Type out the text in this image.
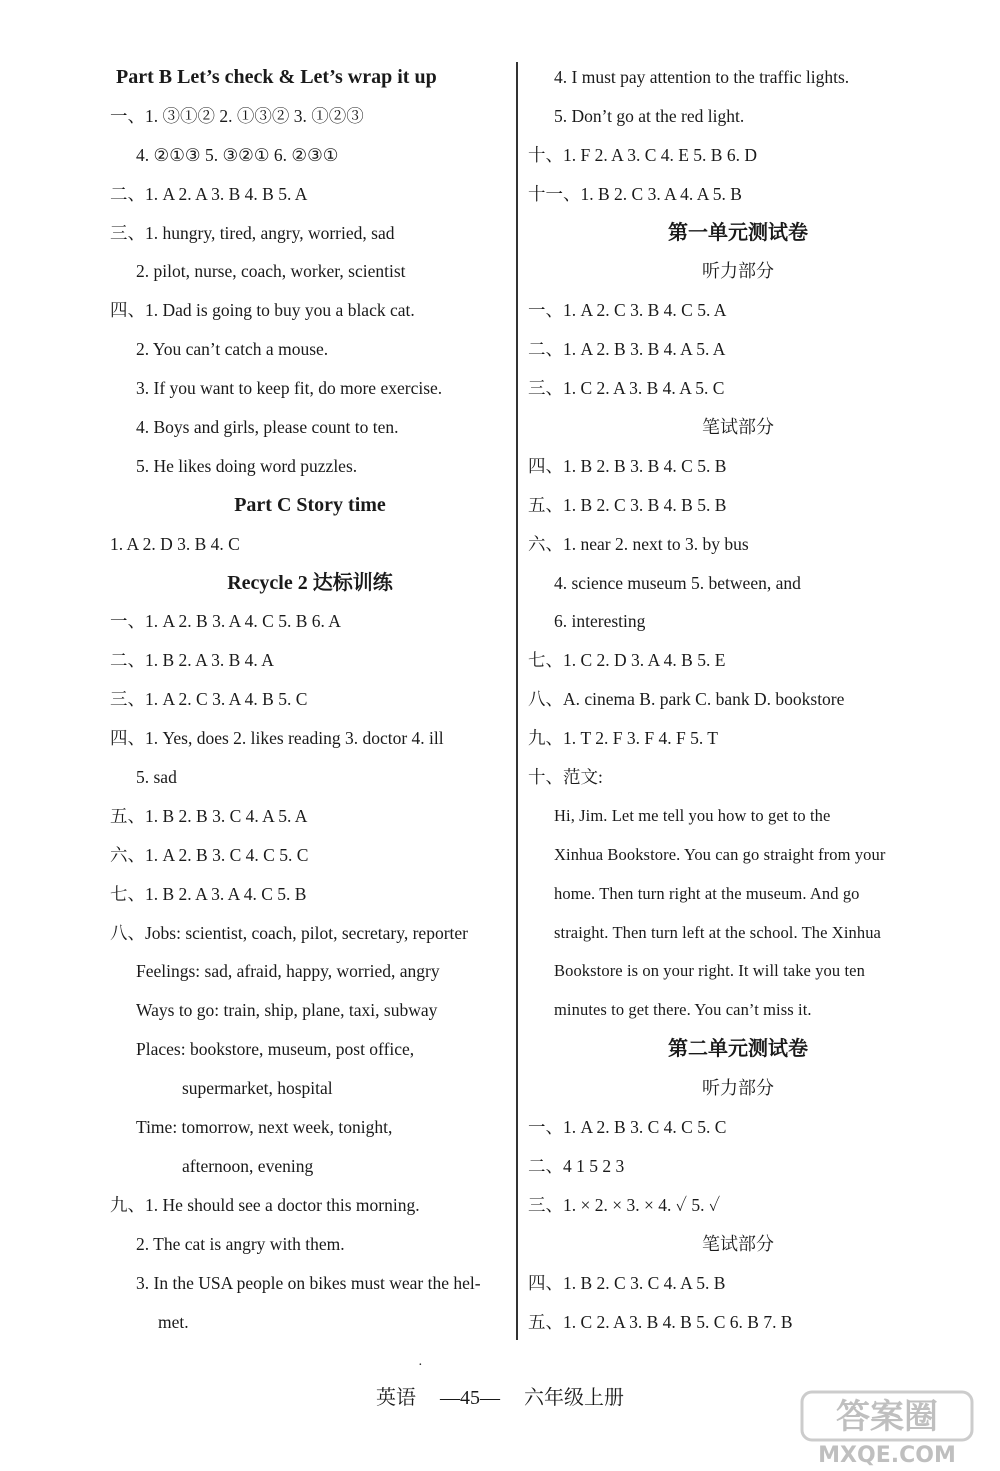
Part B Let’s check & Let’s wrap it up
一、1. ③①② 2. ①③② 3. ①②③
4. ②①③ 5. ③②① 6. ②③①
二、1. A 2. A 3. B 4. B 5. A
三、1. hungry, tired, angry, worried, sad
2. pilot, nurse, coach, worker, scientist
四、1. Dad is going to buy you a black cat.
2. You can’t catch a mouse.
3. If you want to keep fit, do more exercise.
4. Boys and girls, please count to ten.
5. He likes doing word puzzles.
Part C Story time
1. A 2. D 3. B 4. C
Recycle 2 达标训练
一、1. A 2. B 3. A 4. C 5. B 6. A
二、1. B 2. A 3. B 4. A
三、1. A 2. C 3. A 4. B 5. C
四、1. Yes, does 2. likes reading 3. doctor 4. ill
5. sad
五、1. B 2. B 3. C 4. A 5. A
六、1. A 2. B 3. C 4. C 5. C
七、1. B 2. A 3. A 4. C 5. B
八、Jobs: scientist, coach, pilot, secretary, reporter
Feelings: sad, afraid, happy, worried, angry
Ways to go: train, ship, plane, taxi, subway
Places: bookstore, museum, post office,
supermarket, hospital
Time: tomorrow, next week, tonight,
afternoon, evening
九、1. He should see a doctor this morning.
2. The cat is angry with them.
3. In the USA people on bikes must wear the hel-
met.
4. I must pay attention to the traffic lights.
5. Don’t go at the red light.
十、1. F 2. A 3. C 4. E 5. B 6. D
十一、1. B 2. C 3. A 4. A 5. B
第一单元测试卷
听力部分
一、1. A 2. C 3. B 4. C 5. A
二、1. A 2. B 3. B 4. A 5. A
三、1. C 2. A 3. B 4. A 5. C
笔试部分
四、1. B 2. B 3. B 4. C 5. B
五、1. B 2. C 3. B 4. B 5. B
六、1. near 2. next to 3. by bus
4. science museum 5. between, and
6. interesting
七、1. C 2. D 3. A 4. B 5. E
八、A. cinema B. park C. bank D. bookstore
九、1. T 2. F 3. F 4. F 5. T
十、范文:
Hi, Jim. Let me tell you how to get to the
Xinhua Bookstore. You can go straight from your
home. Then turn right at the museum. And go
straight. Then turn left at the school. The Xinhua
Bookstore is on your right. It will take you ten
minutes to get there. You can’t miss it.
第二单元测试卷
听力部分
一、1. A 2. B 3. C 4. C 5. C
二、4 1 5 2 3
三、1. × 2. × 3. × 4. ✓ 5. ✓
笔试部分
四、1. B 2. C 3. C 4. A 5. B
五、1. C 2. A 3. B 4. B 5. C 6. B 7. B
·
英语 —45— 六年级上册	答案圈
MXQE.COM
